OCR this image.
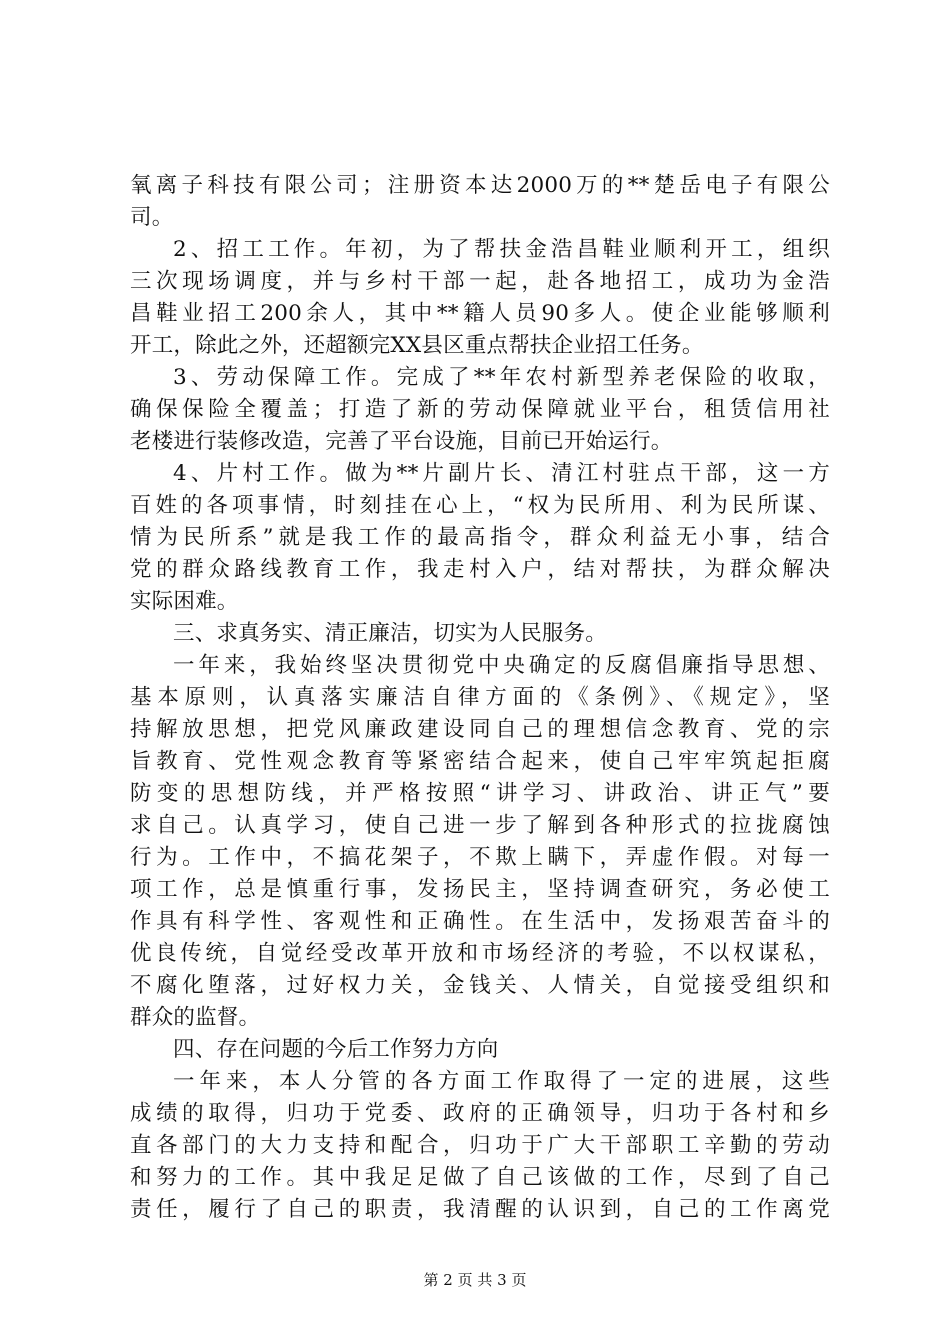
氧离子科技有限公司；注册资本达2000万的**楚岳电子有限公
司。
2、招工工作。年初，为了帮扶金浩昌鞋业顺利开工，组织
三次现场调度，并与乡村干部一起，赴各地招工，成功为金浩
昌鞋业招工200余人，其中**籍人员90多人。使企业能够顺利
开工，除此之外，还超额完XX县区重点帮扶企业招工任务。
3、劳动保障工作。完成了**年农村新型养老保险的收取，
确保保险全覆盖；打造了新的劳动保障就业平台，租赁信用社
老楼进行装修改造，完善了平台设施，目前已开始运行。
4、片村工作。做为**片副片长、清江村驻点干部，这一方
百姓的各项事情，时刻挂在心上，“权为民所用、利为民所谋、
情为民所系”就是我工作的最高指令，群众利益无小事，结合
党的群众路线教育工作，我走村入户，结对帮扶，为群众解决
实际困难。
三、求真务实、清正廉洁，切实为人民服务。
一年来，我始终坚决贯彻党中央确定的反腐倡廉指导思想、
基本原则，认真落实廉洁自律方面的《条例》、《规定》，坚
持解放思想，把党风廉政建设同自己的理想信念教育、党的宗
旨教育、党性观念教育等紧密结合起来，使自己牢牢筑起拒腐
防变的思想防线，并严格按照“讲学习、讲政治、讲正气”要
求自己。认真学习，使自己进一步了解到各种形式的拉拢腐蚀
行为。工作中，不搞花架子，不欺上瞒下，弄虚作假。对每一
项工作，总是慎重行事，发扬民主，坚持调查研究，务必使工
作具有科学性、客观性和正确性。在生活中，发扬艰苦奋斗的
优良传统，自觉经受改革开放和市场经济的考验，不以权谋私，
不腐化堕落，过好权力关，金钱关、人情关，自觉接受组织和
群众的监督。
四、存在问题的今后工作努力方向
一年来，本人分管的各方面工作取得了一定的进展，这些
成绩的取得，归功于党委、政府的正确领导，归功于各村和乡
直各部门的大力支持和配合，归功于广大干部职工辛勤的劳动
和努力的工作。其中我足足做了自己该做的工作，尽到了自己
责任，履行了自己的职责，我清醒的认识到，自己的工作离党
第 2 页 共 3 页
